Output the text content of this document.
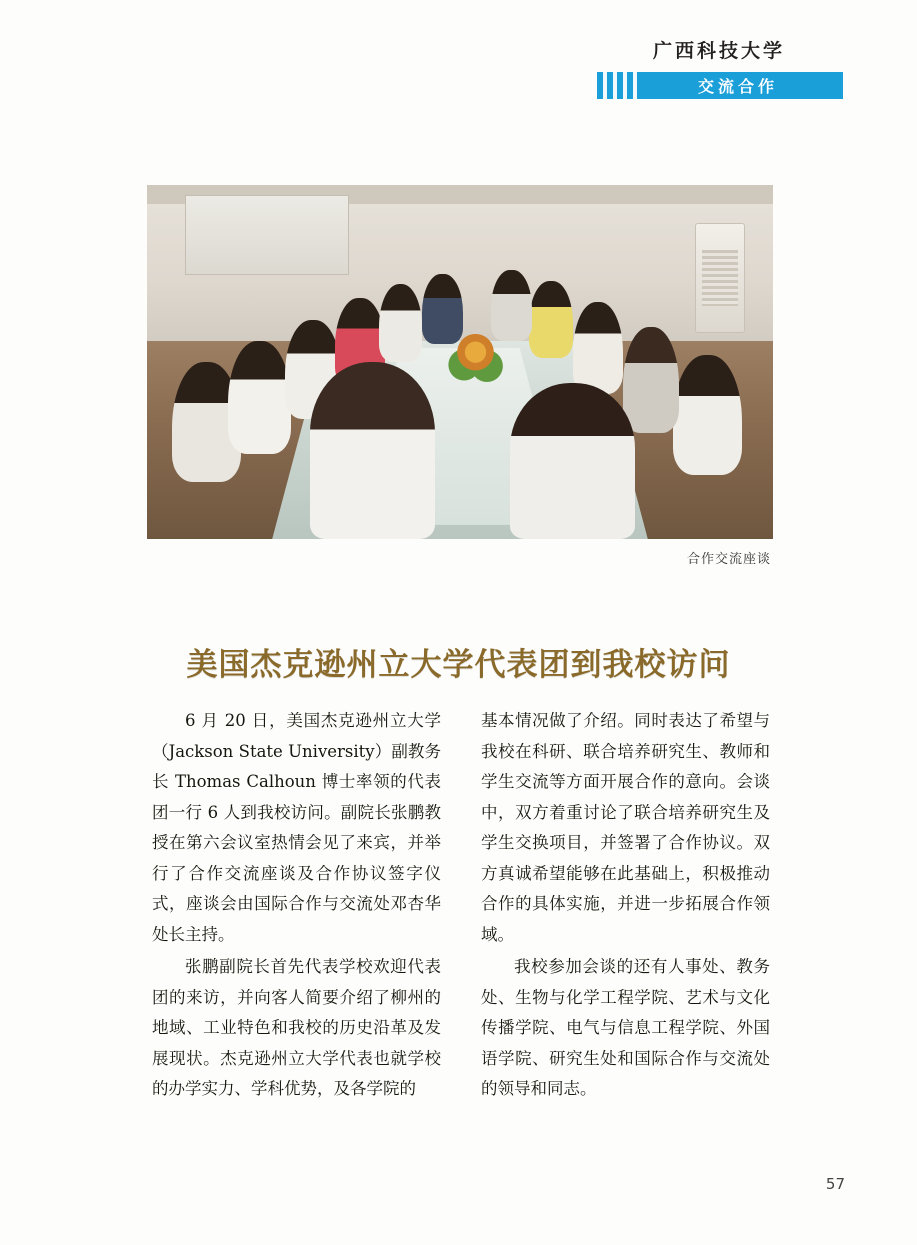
广西科技大学
交流合作
合作交流座谈
美国杰克逊州立大学代表团到我校访问

6 月 20 日，美国杰克逊州立大学（Jackson State University）副教务长 Thomas Calhoun 博士率领的代表团一行 6 人到我校访问。副院长张鹏教授在第六会议室热情会见了来宾，并举行了合作交流座谈及合作协议签字仪式，座谈会由国际合作与交流处邓杏华处长主持。

张鹏副院长首先代表学校欢迎代表团的来访，并向客人简要介绍了柳州的地域、工业特色和我校的历史沿革及发展现状。杰克逊州立大学代表也就学校的办学实力、学科优势，及各学院的

基本情况做了介绍。同时表达了希望与我校在科研、联合培养研究生、教师和学生交流等方面开展合作的意向。会谈中，双方着重讨论了联合培养研究生及学生交换项目，并签署了合作协议。双方真诚希望能够在此基础上，积极推动合作的具体实施，并进一步拓展合作领域。

我校参加会谈的还有人事处、教务处、生物与化学工程学院、艺术与文化传播学院、电气与信息工程学院、外国语学院、研究生处和国际合作与交流处的领导和同志。

57
